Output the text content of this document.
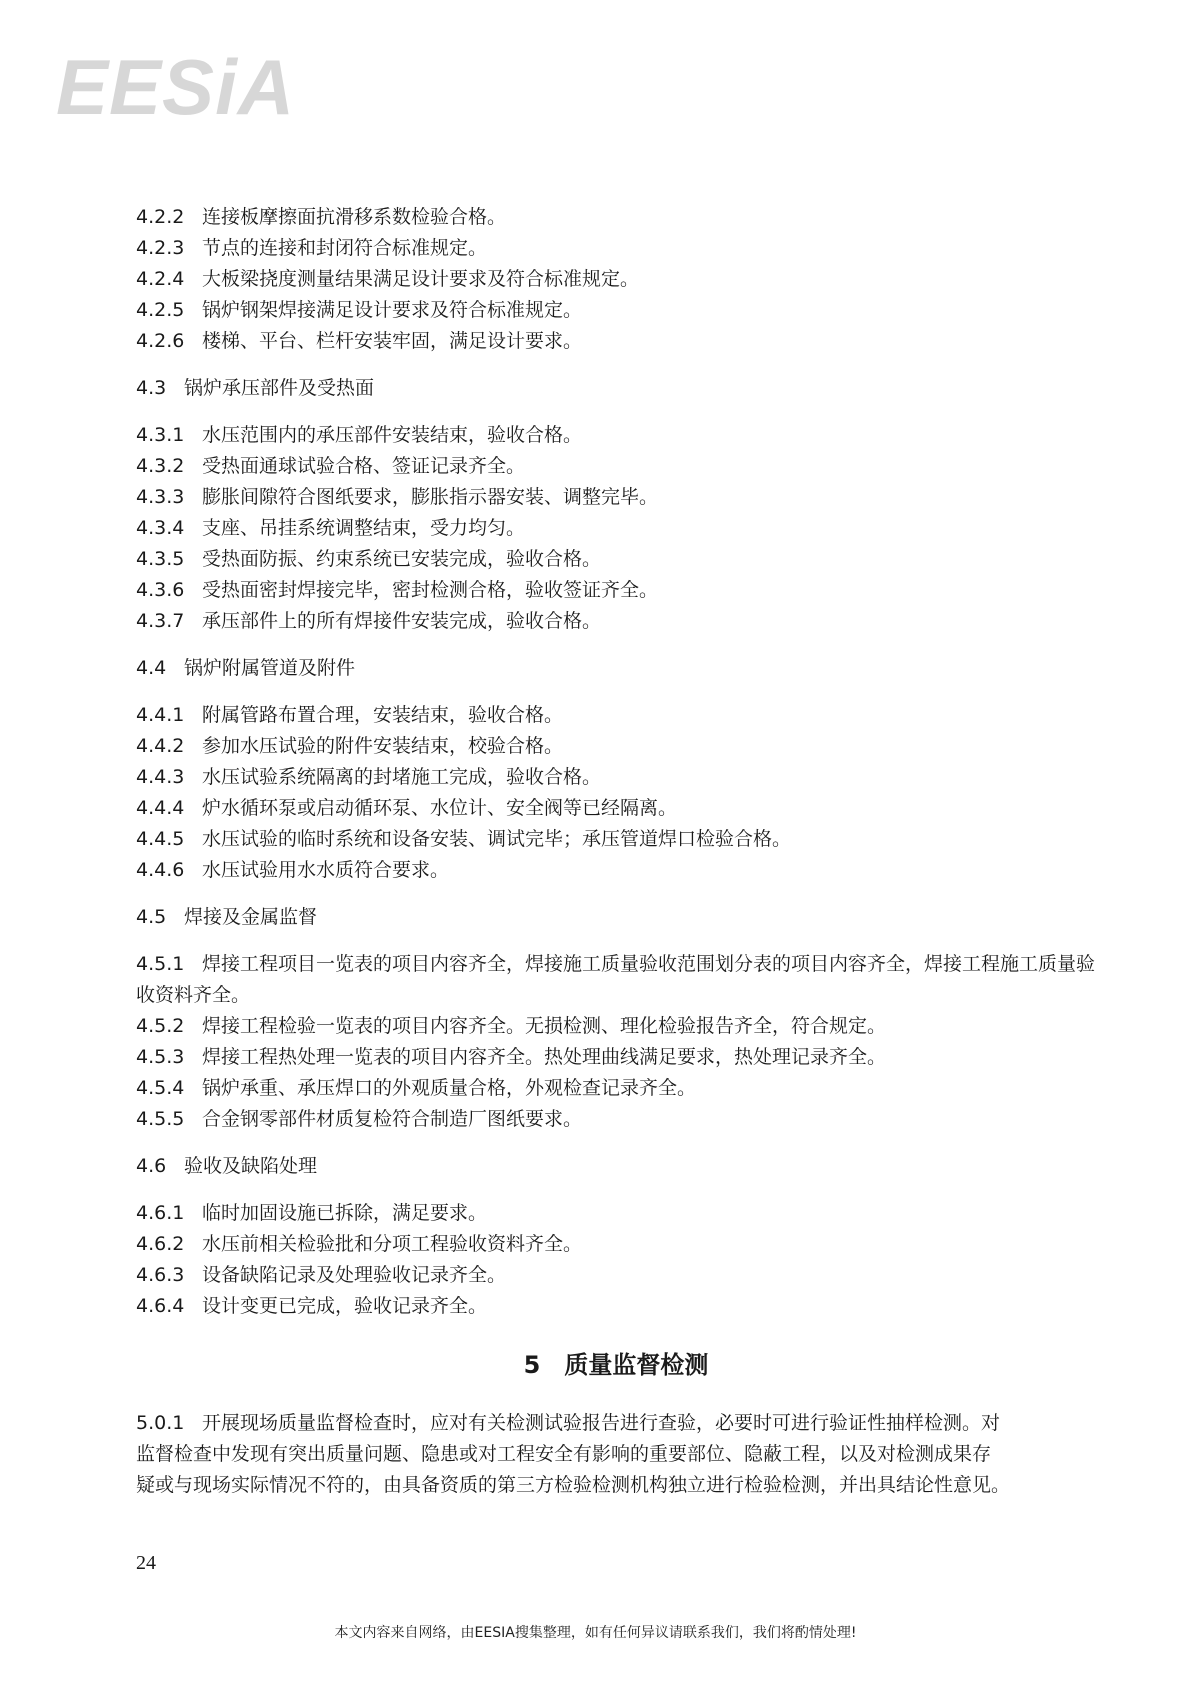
EESiA
4.2.2 连接板摩擦面抗滑移系数检验合格。
4.2.3 节点的连接和封闭符合标准规定。
4.2.4 大板梁挠度测量结果满足设计要求及符合标准规定。
4.2.5 锅炉钢架焊接满足设计要求及符合标准规定。
4.2.6 楼梯、平台、栏杆安装牢固，满足设计要求。
4.3 锅炉承压部件及受热面
4.3.1 水压范围内的承压部件安装结束，验收合格。
4.3.2 受热面通球试验合格、签证记录齐全。
4.3.3 膨胀间隙符合图纸要求，膨胀指示器安装、调整完毕。
4.3.4 支座、吊挂系统调整结束，受力均匀。
4.3.5 受热面防振、约束系统已安装完成，验收合格。
4.3.6 受热面密封焊接完毕，密封检测合格，验收签证齐全。
4.3.7 承压部件上的所有焊接件安装完成，验收合格。
4.4 锅炉附属管道及附件
4.4.1 附属管路布置合理，安装结束，验收合格。
4.4.2 参加水压试验的附件安装结束，校验合格。
4.4.3 水压试验系统隔离的封堵施工完成，验收合格。
4.4.4 炉水循环泵或启动循环泵、水位计、安全阀等已经隔离。
4.4.5 水压试验的临时系统和设备安装、调试完毕；承压管道焊口检验合格。
4.4.6 水压试验用水水质符合要求。
4.5 焊接及金属监督
4.5.1 焊接工程项目一览表的项目内容齐全，焊接施工质量验收范围划分表的项目内容齐全，焊接工程施工质量验收资料齐全。
4.5.2 焊接工程检验一览表的项目内容齐全。无损检测、理化检验报告齐全，符合规定。
4.5.3 焊接工程热处理一览表的项目内容齐全。热处理曲线满足要求，热处理记录齐全。
4.5.4 锅炉承重、承压焊口的外观质量合格，外观检查记录齐全。
4.5.5 合金钢零部件材质复检符合制造厂图纸要求。
4.6 验收及缺陷处理
4.6.1 临时加固设施已拆除，满足要求。
4.6.2 水压前相关检验批和分项工程验收资料齐全。
4.6.3 设备缺陷记录及处理验收记录齐全。
4.6.4 设计变更已完成，验收记录齐全。
5 质量监督检测
5.0.1 开展现场质量监督检查时，应对有关检测试验报告进行查验，必要时可进行验证性抽样检测。对
监督检查中发现有突出质量问题、隐患或对工程安全有影响的重要部位、隐蔽工程，以及对检测成果存
疑或与现场实际情况不符的，由具备资质的第三方检验检测机构独立进行检验检测，并出具结论性意见。
24
本文内容来自网络，由EESIA搜集整理，如有任何异议请联系我们，我们将酌情处理!
